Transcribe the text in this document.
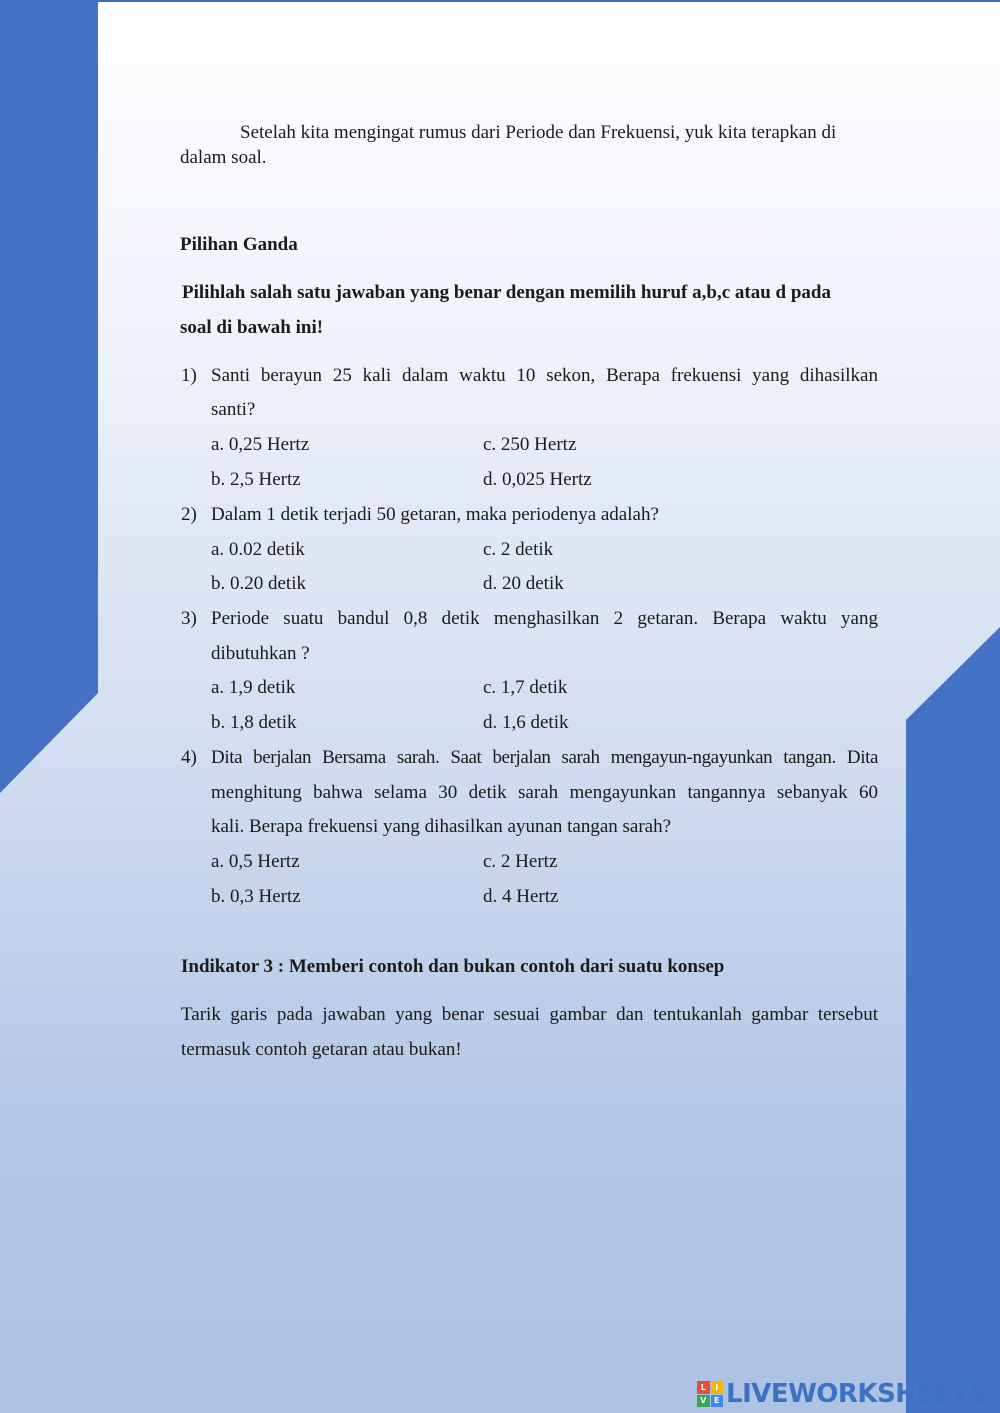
Setelah kita mengingat rumus dari Periode dan Frekuensi, yuk kita terapkan di
dalam soal.
Pilihan Ganda
Pilihlah salah satu jawaban yang benar dengan memilih huruf a,b,c atau d pada
soal di bawah ini!
1) Santi berayun 25 kali dalam waktu 10 sekon, Berapa frekuensi yang dihasilkan
santi?
a. 0,25 Hertz	c. 250 Hertz
b. 2,5 Hertz	d. 0,025 Hertz
2) Dalam 1 detik terjadi 50 getaran, maka periodenya adalah?
a. 0.02 detik	c. 2 detik
b. 0.20 detik	d. 20 detik
3) Periode suatu bandul 0,8 detik menghasilkan 2 getaran. Berapa waktu yang
dibutuhkan ?
a. 1,9 detik	c. 1,7 detik
b. 1,8 detik	d. 1,6 detik
4) Dita berjalan Bersama sarah. Saat berjalan sarah mengayun-ngayunkan tangan. Dita
menghitung bahwa selama 30 detik sarah mengayunkan tangannya sebanyak 60
kali. Berapa frekuensi yang dihasilkan ayunan tangan sarah?
a. 0,5 Hertz	c. 2 Hertz
b. 0,3 Hertz	d. 4 Hertz
Indikator 3 : Memberi contoh dan bukan contoh dari suatu konsep
Tarik garis pada jawaban yang benar sesuai gambar dan tentukanlah gambar tersebut
termasuk contoh getaran atau bukan!
L	I
V E LIVEWORKSHEETS
